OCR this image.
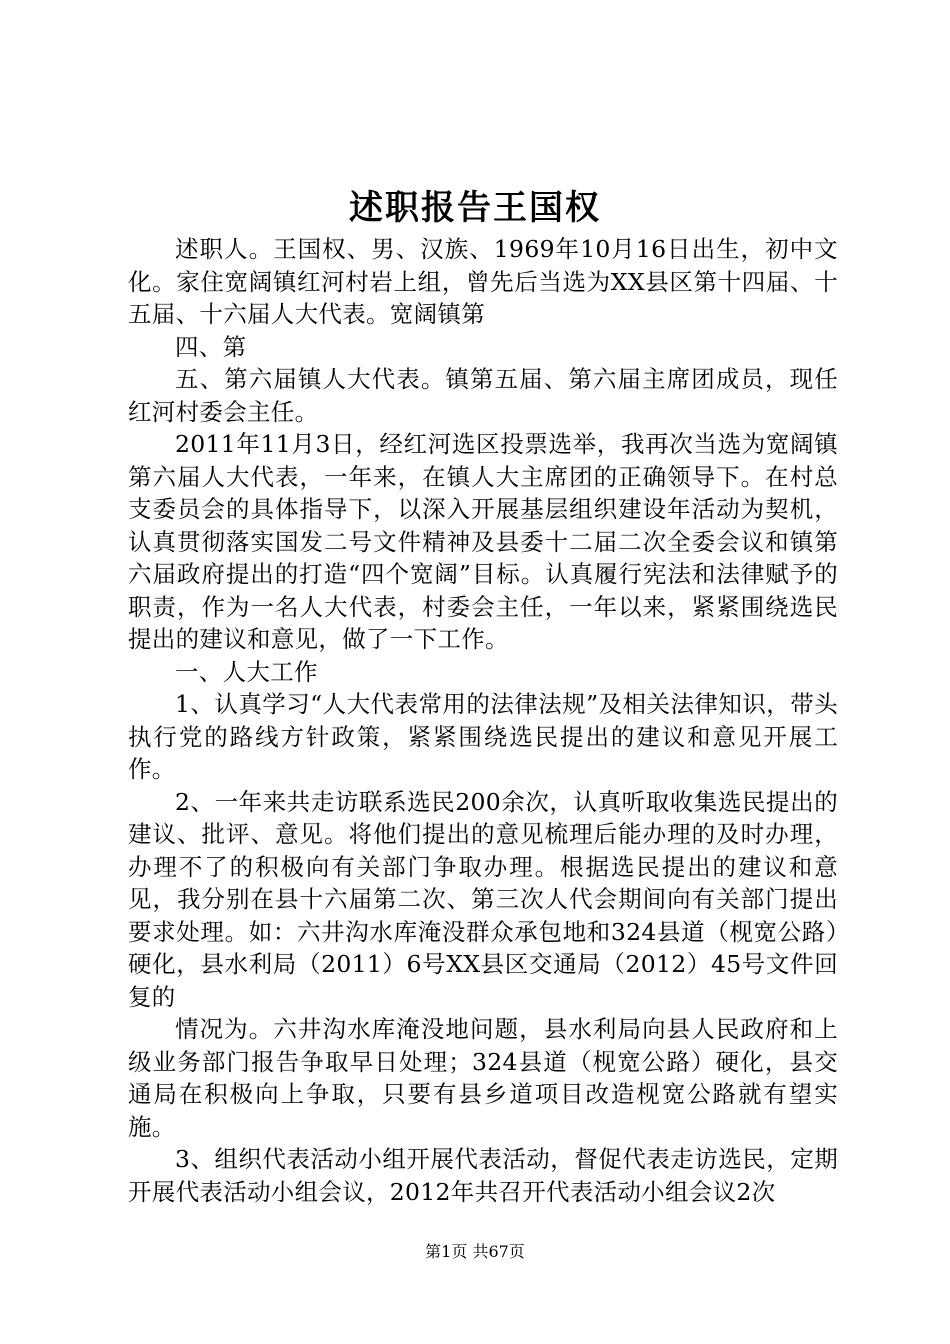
述职报告王国权

述职人。王国权、男、汉族、1969年10月16日出生，初中文化。家住宽阔镇红河村岩上组，曾先后当选为XX县区第十四届、十五届、十六届人大代表。宽阔镇第

四、第

五、第六届镇人大代表。镇第五届、第六届主席团成员，现任红河村委会主任。

2011年11月3日，经红河选区投票选举，我再次当选为宽阔镇第六届人大代表，一年来，在镇人大主席团的正确领导下。在村总支委员会的具体指导下，以深入开展基层组织建设年活动为契机，认真贯彻落实国发二号文件精神及县委十二届二次全委会议和镇第六届政府提出的打造“四个宽阔”目标。认真履行宪法和法律赋予的职责，作为一名人大代表，村委会主任，一年以来，紧紧围绕选民提出的建议和意见，做了一下工作。

一、人大工作

1、认真学习“人大代表常用的法律法规”及相关法律知识，带头执行党的路线方针政策，紧紧围绕选民提出的建议和意见开展工作。

2、一年来共走访联系选民200余次，认真听取收集选民提出的建议、批评、意见。将他们提出的意见梳理后能办理的及时办理，办理不了的积极向有关部门争取办理。根据选民提出的建议和意见，我分别在县十六届第二次、第三次人代会期间向有关部门提出要求处理。如：六井沟水库淹没群众承包地和324县道（枧宽公路）硬化，县水利局（2011）6号XX县区交通局（2012）45号文件回复的

情况为。六井沟水库淹没地问题，县水利局向县人民政府和上级业务部门报告争取早日处理；324县道（枧宽公路）硬化，县交通局在积极向上争取，只要有县乡道项目改造枧宽公路就有望实施。

3、组织代表活动小组开展代表活动，督促代表走访选民，定期开展代表活动小组会议，2012年共召开代表活动小组会议2次

第1页 共67页
